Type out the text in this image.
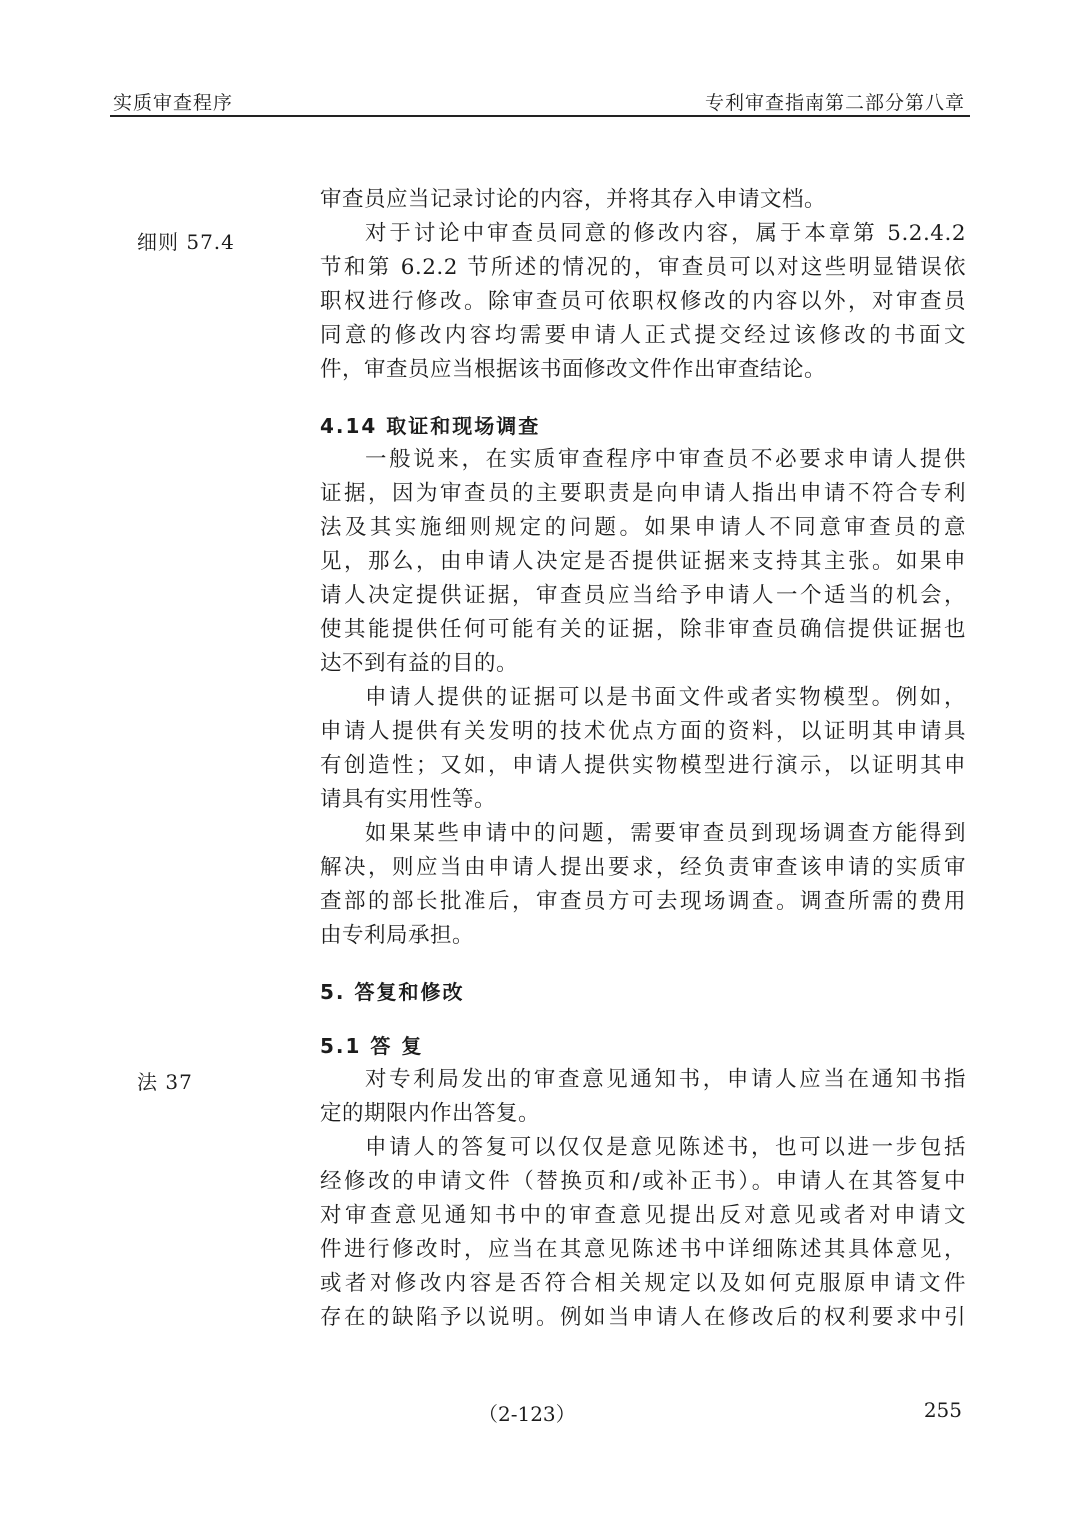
实质审查程序	专利审查指南第二部分第八章
细则 57.4
法 37
审查员应当记录讨论的内容，并将其存入申请文档。
对于讨论中审查员同意的修改内容，属于本章第 5.2.4.2
节和第 6.2.2 节所述的情况的，审查员可以对这些明显错误依
职权进行修改。除审查员可依职权修改的内容以外，对审查员
同意的修改内容均需要申请人正式提交经过该修改的书面文
件，审查员应当根据该书面修改文件作出审查结论。
4.14 取证和现场调查
一般说来，在实质审查程序中审查员不必要求申请人提供
证据，因为审查员的主要职责是向申请人指出申请不符合专利
法及其实施细则规定的问题。如果申请人不同意审查员的意
见，那么，由申请人决定是否提供证据来支持其主张。如果申
请人决定提供证据，审查员应当给予申请人一个适当的机会，
使其能提供任何可能有关的证据，除非审查员确信提供证据也
达不到有益的目的。
申请人提供的证据可以是书面文件或者实物模型。例如，
申请人提供有关发明的技术优点方面的资料，以证明其申请具
有创造性；又如，申请人提供实物模型进行演示，以证明其申
请具有实用性等。
如果某些申请中的问题，需要审查员到现场调查方能得到
解决，则应当由申请人提出要求，经负责审查该申请的实质审
查部的部长批准后，审查员方可去现场调查。调查所需的费用
由专利局承担。
5. 答复和修改
5.1 答 复
对专利局发出的审查意见通知书，申请人应当在通知书指
定的期限内作出答复。
申请人的答复可以仅仅是意见陈述书，也可以进一步包括
经修改的申请文件（替换页和/或补正书）。申请人在其答复中
对审查意见通知书中的审查意见提出反对意见或者对申请文
件进行修改时，应当在其意见陈述书中详细陈述其具体意见，
或者对修改内容是否符合相关规定以及如何克服原申请文件
存在的缺陷予以说明。例如当申请人在修改后的权利要求中引
（2-123）	255
